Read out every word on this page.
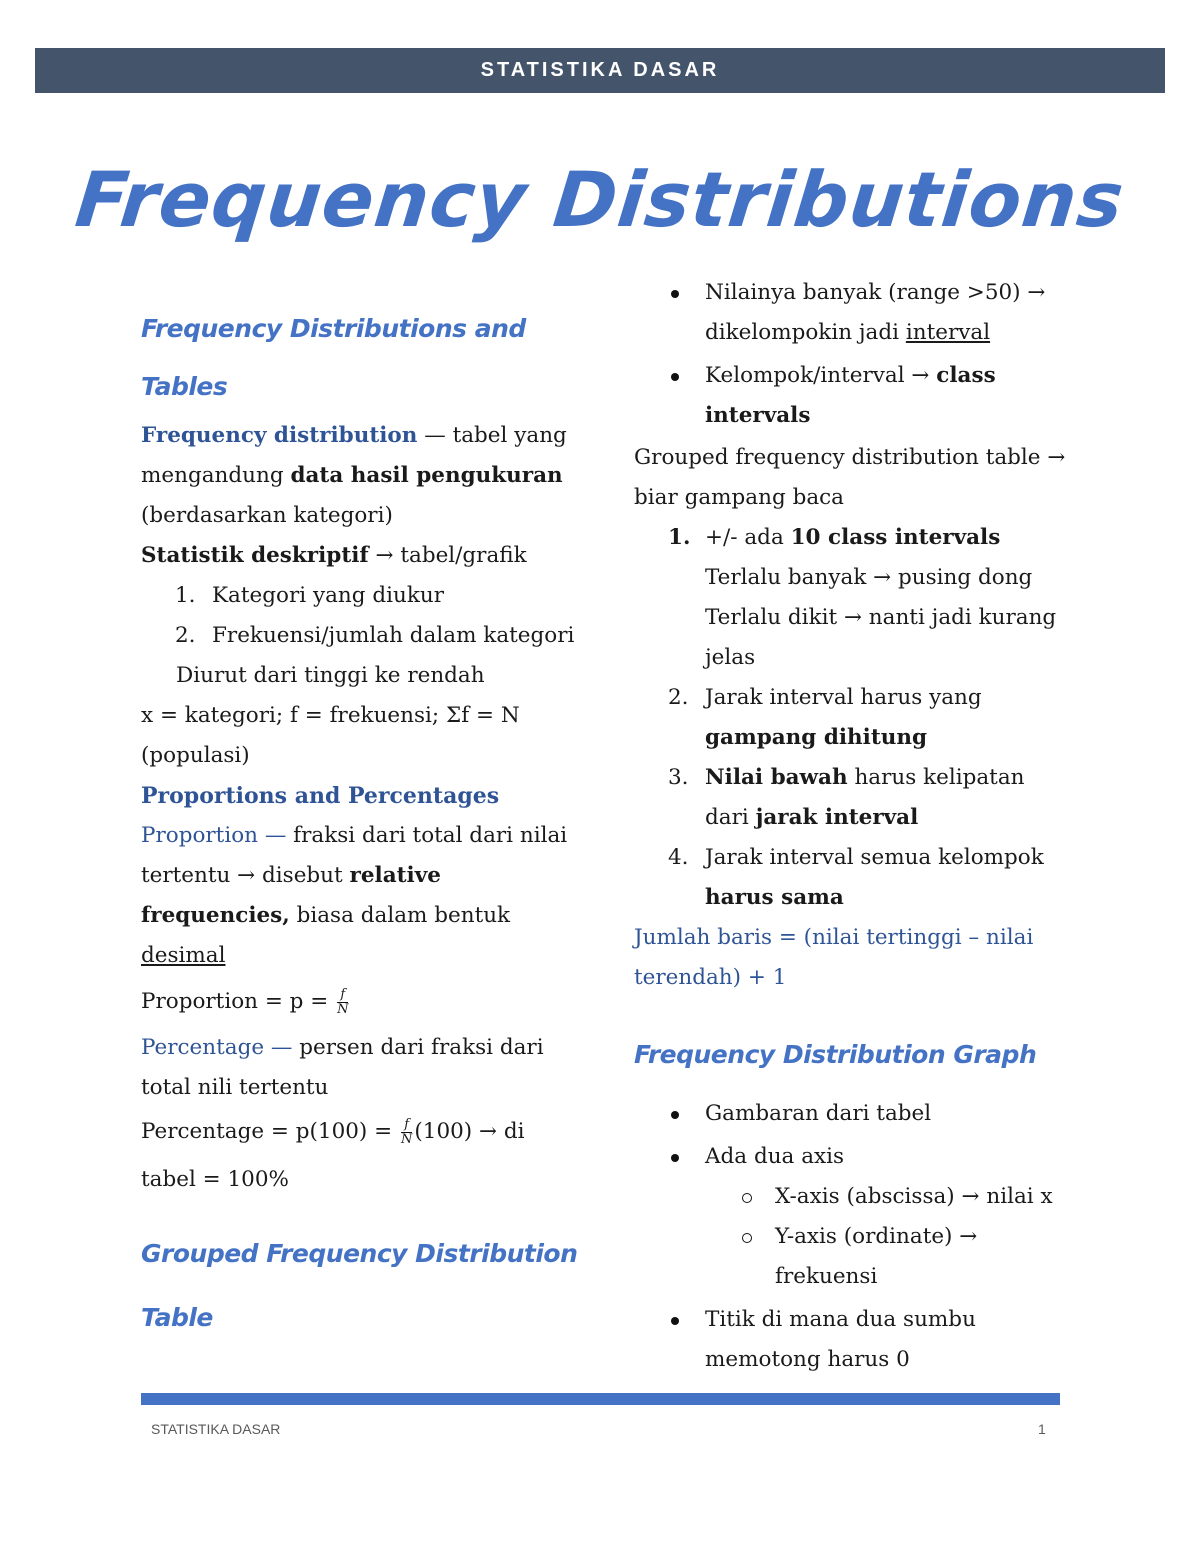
STATISTIKA DASAR
Frequency Distributions
Frequency Distributions and Tables

Frequency distribution — tabel yang mengandung data hasil pengukuran (berdasarkan kategori)

Statistik deskriptif → tabel/grafik

1. Kategori yang diukur
2. Frekuensi/jumlah dalam kategori

Diurut dari tinggi ke rendah

x = kategori; f = frekuensi; Σf = N (populasi)

Proportions and Percentages

Proportion — fraksi dari total dari nilai tertentu → disebut relative frequencies, biasa dalam bentuk desimal

Proportion = $p = \frac{f}{N}$

Percentage — persen dari fraksi dari total nili tertentu

Percentage = $p(100) = \frac{f}{N} (100)$ → di tabel = 100%

Grouped Frequency Distribution
Table
Nilainya banyak (range >50) → dikelompokin jadi interval
Kelompok/interval → class intervals

Grouped frequency distribution table → biar gampang baca

1. +/- ada 10 class intervals
Terlalu banyak → pusing dong
Terlalu dikit → nanti jadi kurang jelas
2. Jarak interval harus yang gampang dihitung
3. Nilai bawah harus kelipatan dari jarak interval
4. Jarak interval semua kelompok harus sama

Jumlah baris = (nilai tertinggi – nilai terendah) + 1

Frequency Distribution Graph
Gambaran dari tabel
Ada dua axis
X-axis (abscissa) → nilai x
Y-axis (ordinate) → frekuensi
Titik di mana dua sumbu memotong harus 0
STATISTIKA DASAR	1
